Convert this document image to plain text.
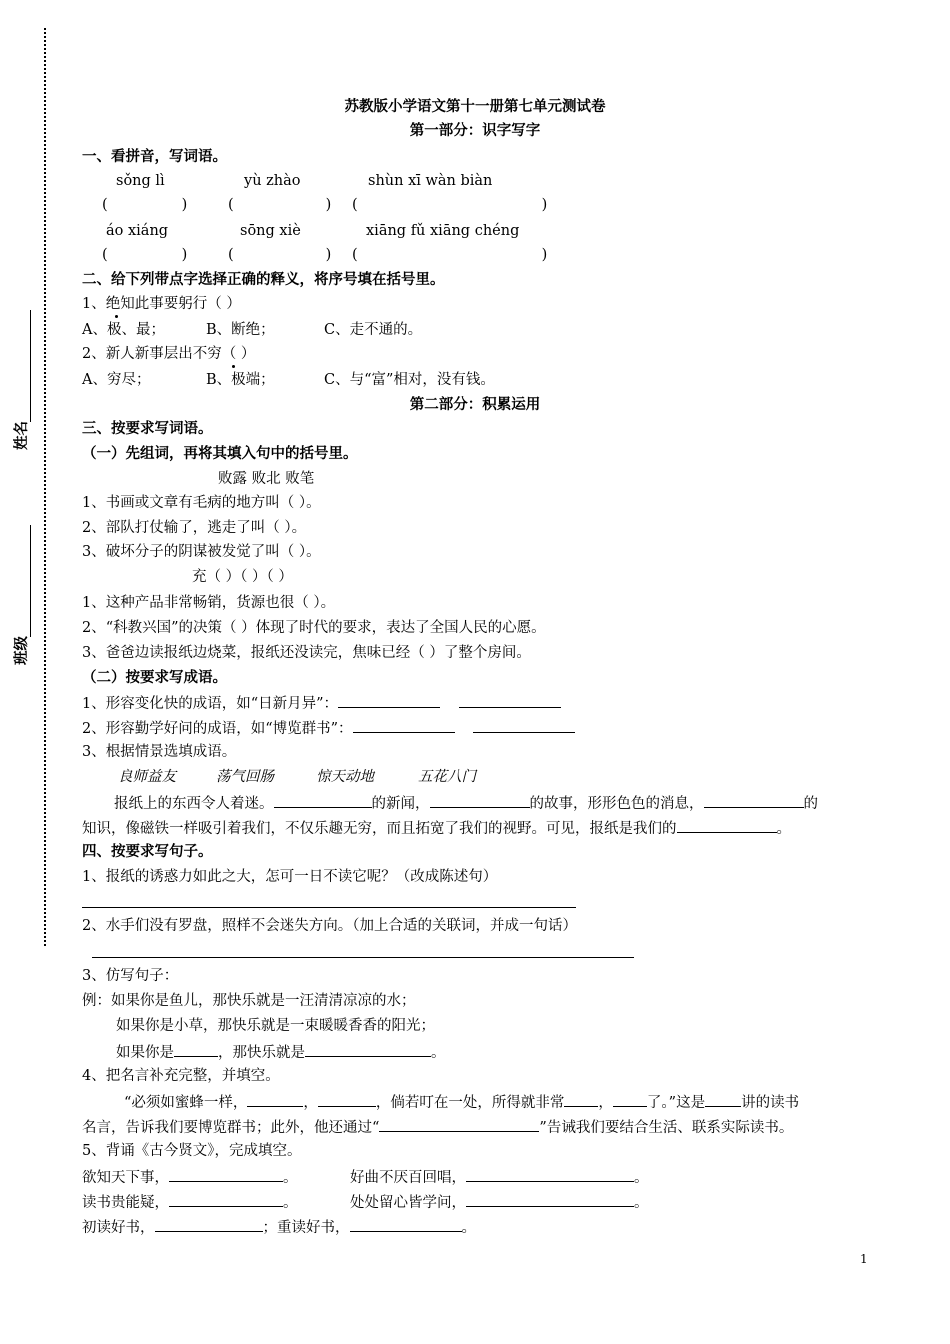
姓名
班级
苏教版小学语文第十一册第七单元测试卷
第一部分：识字写字
一、看拼音，写词语。
sǒng lì	yù zhào	shùn xī wàn biàn
(	)	(	) (	)
áo xiáng	sōng xiè	xiāng fǔ xiāng chéng
(	)	(	) (	)
二、给下列带点字选择正确的释义，将序号填在括号里。
1、绝知此事要躬行（ ）
A、极、最；	B、断绝；	C、走不通的。
2、新人新事层出不穷（ ）
A、穷尽；	B、极端；	C、与“富”相对，没有钱。
第二部分：积累运用
三、按要求写词语。
（一）先组词，再将其填入句中的括号里。
败露 败北 败笔
1、书画或文章有毛病的地方叫（ ）。
2、部队打仗输了，逃走了叫（ ）。
3、破坏分子的阴谋被发觉了叫（ ）。
充（ ）（ ）（ ）
1、这种产品非常畅销，货源也很（ ）。
2、“科教兴国”的决策（ ）体现了时代的要求，表达了全国人民的心愿。
3、爸爸边读报纸边烧菜，报纸还没读完，焦味已经（ ）了整个房间。
（二）按要求写成语。
1、形容变化快的成语，如“日新月异”：
2、形容勤学好问的成语，如“博览群书”：
3、根据情景选填成语。
良师益友	荡气回肠	惊天动地	五花八门
报纸上的东西令人着迷。	的新闻，	的故事，形形色色的消息，	的
知识，像磁铁一样吸引着我们，不仅乐趣无穷，而且拓宽了我们的视野。可见，报纸是我们的	。
四、按要求写句子。
1、报纸的诱惑力如此之大，怎可一日不读它呢？（改成陈述句）
2、水手们没有罗盘，照样不会迷失方向。（加上合适的关联词，并成一句话）
3、仿写句子：
例：如果你是鱼儿，那快乐就是一汪清清凉凉的水；
如果你是小草，那快乐就是一束暖暖香香的阳光；
如果你是	，那快乐就是	。
4、把名言补充完整，并填空。
“必须如蜜蜂一样，	，	，倘若叮在一处，所得就非常 ， 了。”这是 讲的读书
名言，告诉我们要博览群书；此外，他还通过“	”告诫我们要结合生活、联系实际读书。
5、背诵《古今贤文》，完成填空。
欲知天下事，	。	好曲不厌百回唱，	。
读书贵能疑，	。	处处留心皆学问，	。
初读好书，	；重读好书，	。
1
